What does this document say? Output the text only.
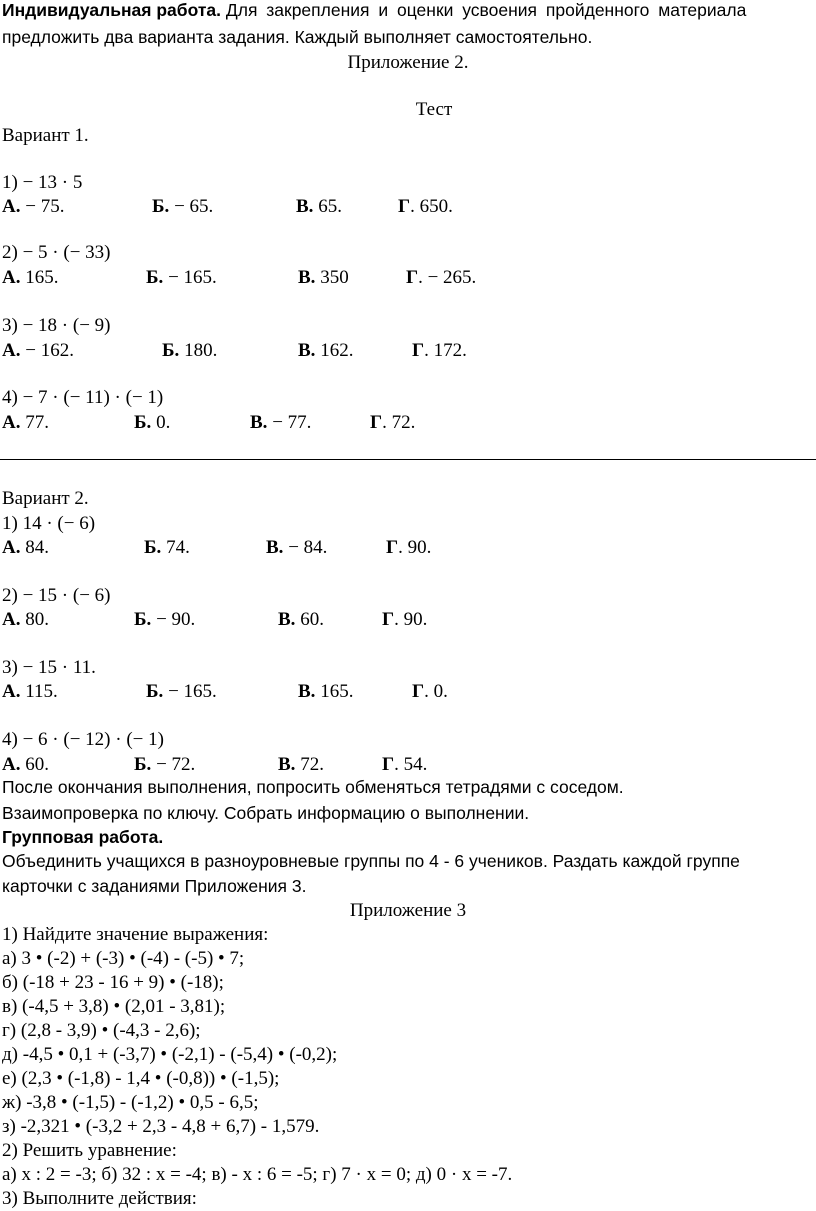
Индивидуальная работа. Для закрепления и оценки усвоения пройденного материала
предложить два варианта задания. Каждый выполняет самостоятельно.
Приложение 2.
Тест
Вариант 1.
1) − 13 · 5
А. − 75.	Б. − 65.	В. 65.	Г. 650.
2) − 5 · (− 33)
А. 165.	Б. − 165.	В. 350	Г. − 265.
3) − 18 · (− 9)
А. − 162.	Б. 180.	В. 162.	Г. 172.
4) − 7 · (− 11) · (− 1)
А. 77.	Б. 0.	В. − 77.	Г. 72.
Вариант 2.
1) 14 · (− 6)
А. 84.	Б. 74.	В. − 84.	Г. 90.
2) − 15 · (− 6)
А. 80.	Б. − 90.	В. 60.	Г. 90.
3) − 15 · 11.
А. 115.	Б. − 165.	В. 165.	Г. 0.
4) − 6 · (− 12) · (− 1)
А. 60.	Б. − 72.	В. 72.	Г. 54.
После окончания выполнения, попросить обменяться тетрадями с соседом.
Взаимопроверка по ключу. Собрать информацию о выполнении.
Групповая работа.
Объединить учащихся в разноуровневые группы по 4 - 6 учеников. Раздать каждой группе
карточки с заданиями Приложения 3.
Приложение 3
1) Найдите значение выражения:
а) 3 • (-2) + (-3) • (-4) - (-5) • 7;
б) (-18 + 23 - 16 + 9) • (-18);
в) (-4,5 + 3,8) • (2,01 - 3,81);
г) (2,8 - 3,9) • (-4,3 - 2,6);
д) -4,5 • 0,1 + (-3,7) • (-2,1) - (-5,4) • (-0,2);
е) (2,3 • (-1,8) - 1,4 • (-0,8)) • (-1,5);
ж) -3,8 • (-1,5) - (-1,2) • 0,5 - 6,5;
з) -2,321 • (-3,2 + 2,3 - 4,8 + 6,7) - 1,579.
2) Решить уравнение:
а) х : 2 = -3; б) 32 : х = -4; в) - х : 6 = -5; г) 7 · х = 0; д) 0 · х = -7.
3) Выполните действия:
